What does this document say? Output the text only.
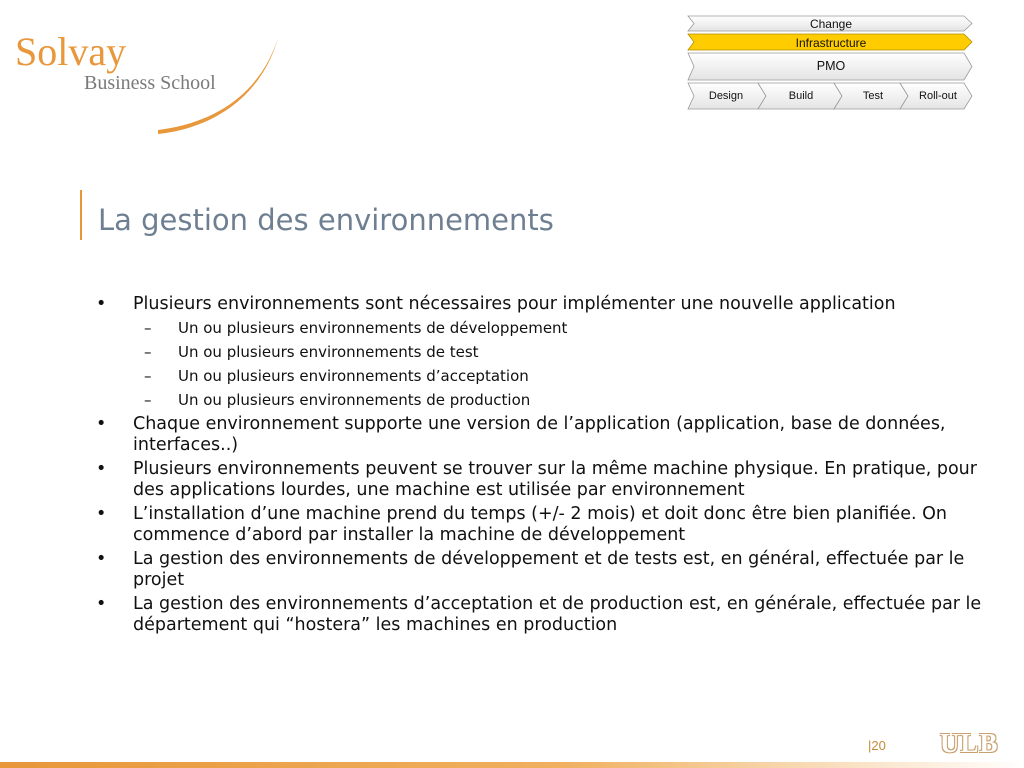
Solvay
Business School
Change
Infrastructure
PMO
Design	Build	Test	Roll-out
La gestion des environnements
• Plusieurs environnements sont nécessaires pour implémenter une nouvelle application
– Un ou plusieurs environnements de développement
– Un ou plusieurs environnements de test
– Un ou plusieurs environnements d’acceptation
– Un ou plusieurs environnements de production
• Chaque environnement supporte une version de l’application (application, base de données, interfaces..)
• Plusieurs environnements peuvent se trouver sur la même machine physique. En pratique, pour des applications lourdes, une machine est utilisée par environnement
• L’installation d’une machine prend du temps (+/- 2 mois) et doit donc être bien planifiée. On commence d’abord par installer la machine de développement
• La gestion des environnements de développement et de tests est, en général, effectuée par le projet
• La gestion des environnements d’acceptation et de production est, en générale, effectuée par le département qui “hostera” les machines en production
|20 ULB
